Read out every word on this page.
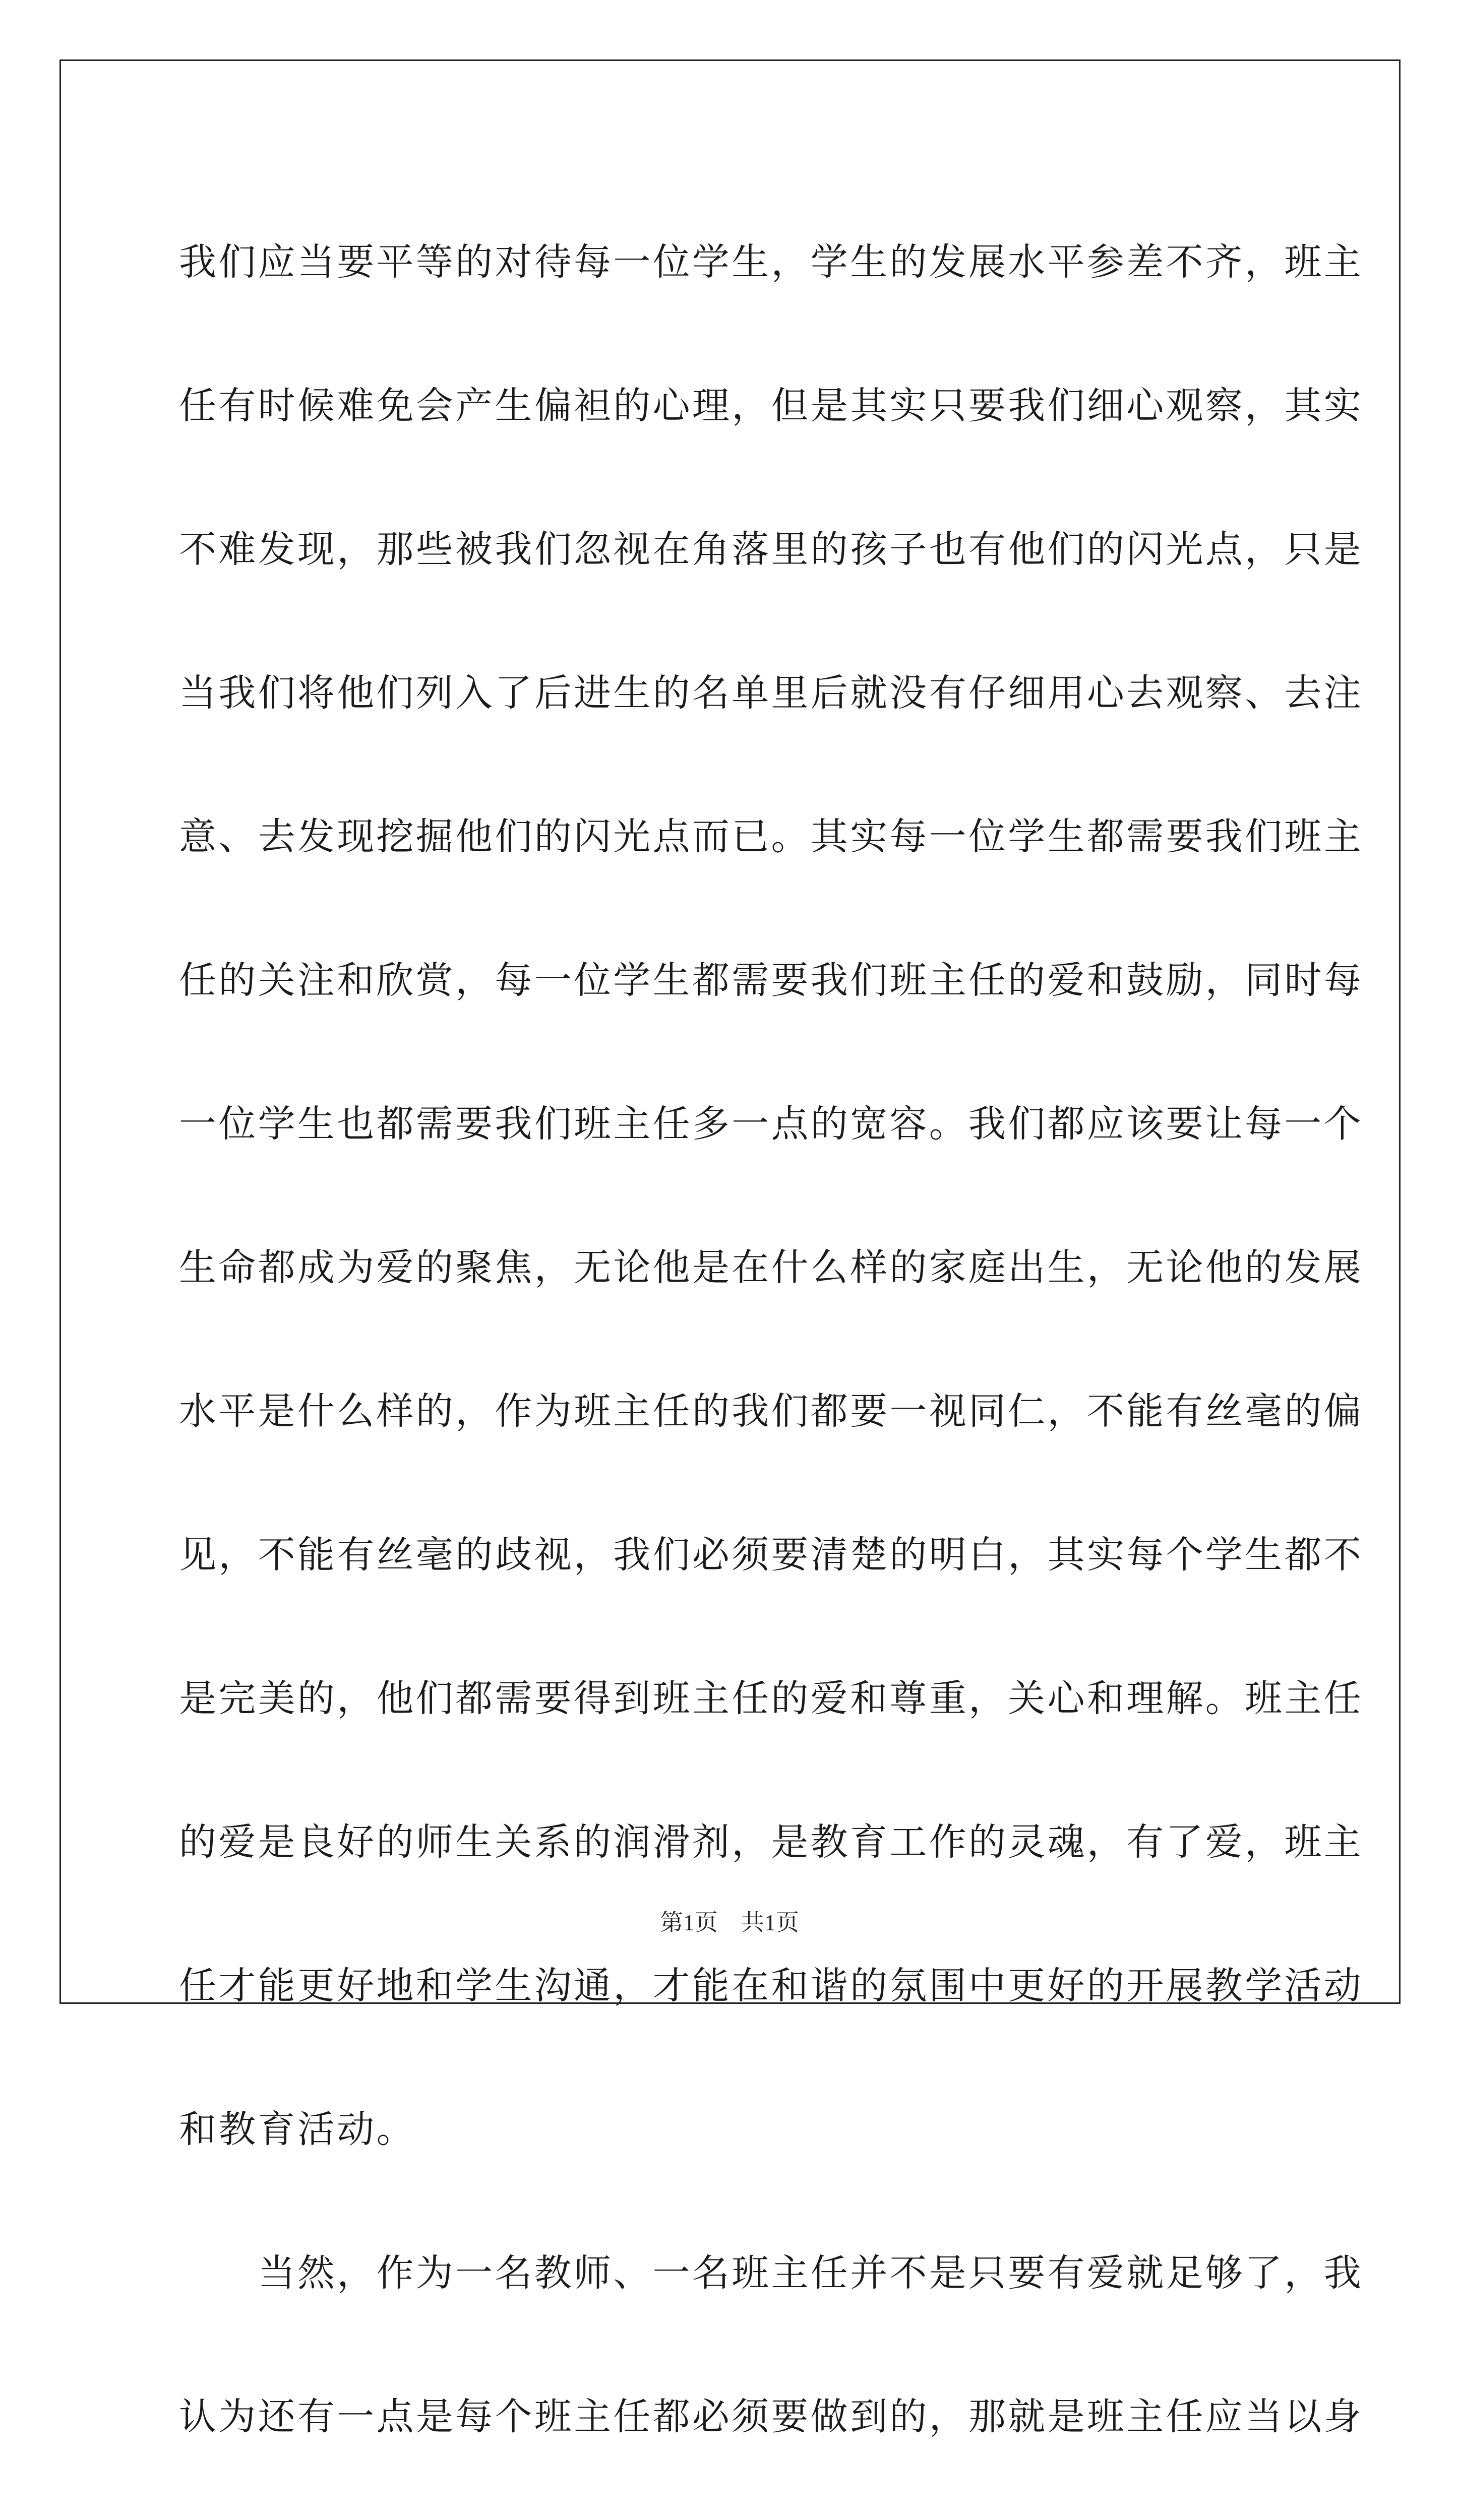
我们应当要平等的对待每一位学生，学生的发展水平参差不齐，班主

任有时候难免会产生偏袒的心理，但是其实只要我们细心观察，其实

不难发现，那些被我们忽视在角落里的孩子也有他们的闪光点，只是

当我们将他们列入了后进生的名单里后就没有仔细用心去观察、去注

意、去发现挖掘他们的闪光点而已。其实每一位学生都需要我们班主

任的关注和欣赏，每一位学生都需要我们班主任的爱和鼓励，同时每

一位学生也都需要我们班主任多一点的宽容。我们都应该要让每一个

生命都成为爱的聚焦，无论他是在什么样的家庭出生，无论他的发展

水平是什么样的，作为班主任的我们都要一视同仁，不能有丝毫的偏

见，不能有丝毫的歧视，我们必须要清楚的明白，其实每个学生都不

是完美的，他们都需要得到班主任的爱和尊重，关心和理解。班主任

的爱是良好的师生关系的润滑剂，是教育工作的灵魂，有了爱，班主

任才能更好地和学生沟通，才能在和谐的氛围中更好的开展教学活动

和教育活动。

　　当然，作为一名教师、一名班主任并不是只要有爱就足够了，我

认为还有一点是每个班主任都必须要做到的，那就是班主任应当以身

第1页　共1页
